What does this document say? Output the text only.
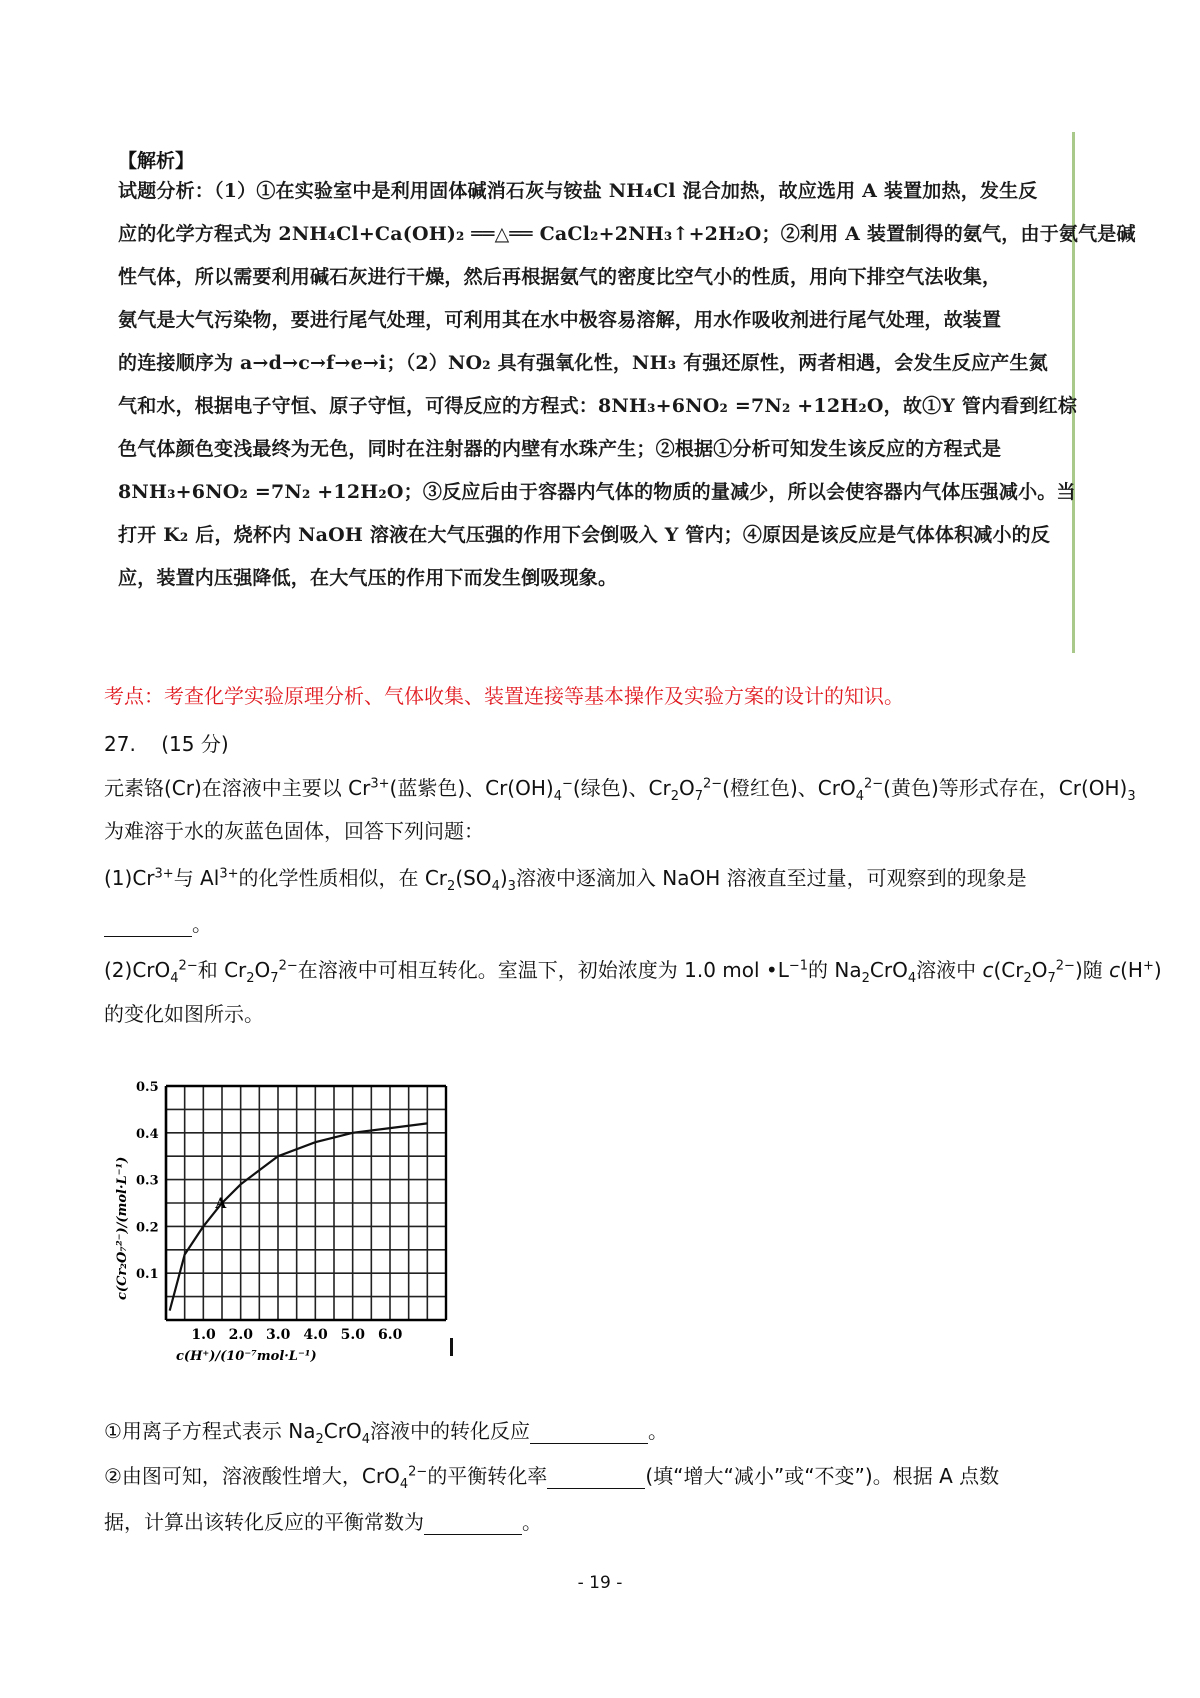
【解析】
试题分析：（1）①在实验室中是利用固体碱消石灰与铵盐 NH₄Cl 混合加热，故应选用 A 装置加热，发生反
应的化学方程式为 2NH₄Cl+Ca(OH)₂ ══△══ CaCl₂+2NH₃↑+2H₂O；②利用 A 装置制得的氨气，由于氨气是碱
性气体，所以需要利用碱石灰进行干燥，然后再根据氨气的密度比空气小的性质，用向下排空气法收集，
氨气是大气污染物，要进行尾气处理，可利用其在水中极容易溶解，用水作吸收剂进行尾气处理，故装置
的连接顺序为 a→d→c→f→e→i；（2）NO₂ 具有强氧化性，NH₃ 有强还原性，两者相遇，会发生反应产生氮
气和水，根据电子守恒、原子守恒，可得反应的方程式：8NH₃+6NO₂ =7N₂ +12H₂O，故①Y 管内看到红棕
色气体颜色变浅最终为无色，同时在注射器的内壁有水珠产生；②根据①分析可知发生该反应的方程式是
8NH₃+6NO₂ =7N₂ +12H₂O；③反应后由于容器内气体的物质的量减少，所以会使容器内气体压强减小。当
打开 K₂ 后，烧杯内 NaOH 溶液在大气压强的作用下会倒吸入 Y 管内；④原因是该反应是气体体积减小的反
应，装置内压强降低，在大气压的作用下而发生倒吸现象。
考点：考查化学实验原理分析、气体收集、装置连接等基本操作及实验方案的设计的知识。
27. (15 分)
元素铬(Cr)在溶液中主要以 $Cr^{3+}$(蓝紫色)、$Cr(OH)_4^-$(绿色)、$Cr_2O_7^{2-}$(橙红色)、CrO$_4^{2-}$(黄色)等形式存在，$Cr(OH)_3$
为难溶于水的灰蓝色固体，回答下列问题：
$(1)Cr^{3+}$与 $Al^{3+}$的化学性质相似，在 $Cr_2(SO_4)_3$溶液中逐滴加入 NaOH 溶液直至过量，可观察到的现象是
。
(2)CrO$_4^{2-}$和 $Cr_2O_7^{2-}$在溶液中可相互转化。室温下，初始浓度为 1.0 mol $•L^{-1}$的 $Na_2CrO_4$溶液中 $c(Cr_2O_7^{2-})$随 c(H+)
的变化如图所示。
A
1.0 2.0 3.0 4.0 5.0 6.0
0.1
0.2
0.3
0.4
0.5
c(H⁺)/(10⁻⁷mol·L⁻¹)
c(Cr₂O₇²⁻)/(mol·L⁻¹)
①用离子方程式表示 $Na_2CrO_4$溶液中的转化反应	。
②由图可知，溶液酸性增大，CrO$_4^{2-}$的平衡转化率	(填“增大“减小”或“不变”)。根据 A 点数
据，计算出该转化反应的平衡常数为	。
- 19 -
